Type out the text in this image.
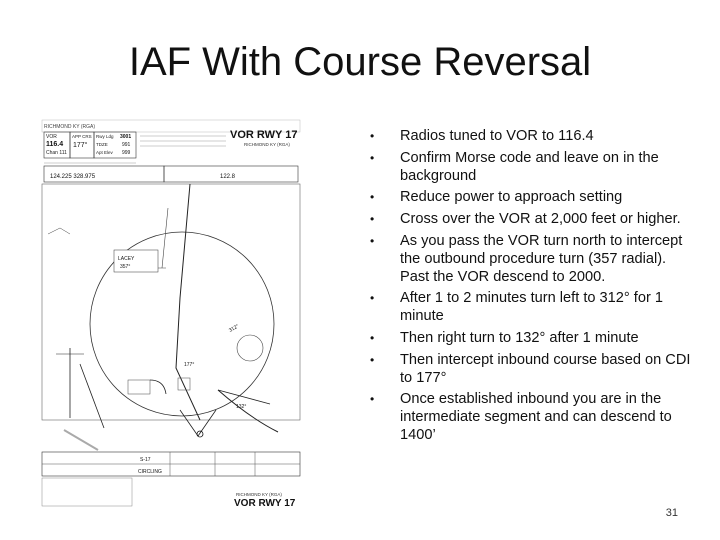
IAF With Course Reversal
RICHMOND KY (RGA)
VOR
116.4
Chan 111
APP CRS
177°
Rwy Ldg 3001
TDZE	991
Apt Elev 999
VOR RWY 17
RICHMOND KY (RGA)
124.225 328.975	122.8
LACEY
357°
312°
132°
177°
S-17
CIRCLING
RICHMOND KY (RGA)
VOR RWY 17
• Radios tuned to VOR to 116.4
• Confirm Morse code and leave on in the background
• Reduce power to approach setting
• Cross over the VOR at 2,000 feet or higher.
• As you pass the VOR turn north to intercept the outbound procedure turn (357 radial). Past the VOR descend to 2000.
• After 1 to 2 minutes turn left to 312° for 1 minute
• Then right turn to 132° after 1 minute
• Then intercept inbound course based on CDI to 177°
• Once established inbound you are in the intermediate segment and can descend to 1400’
31
